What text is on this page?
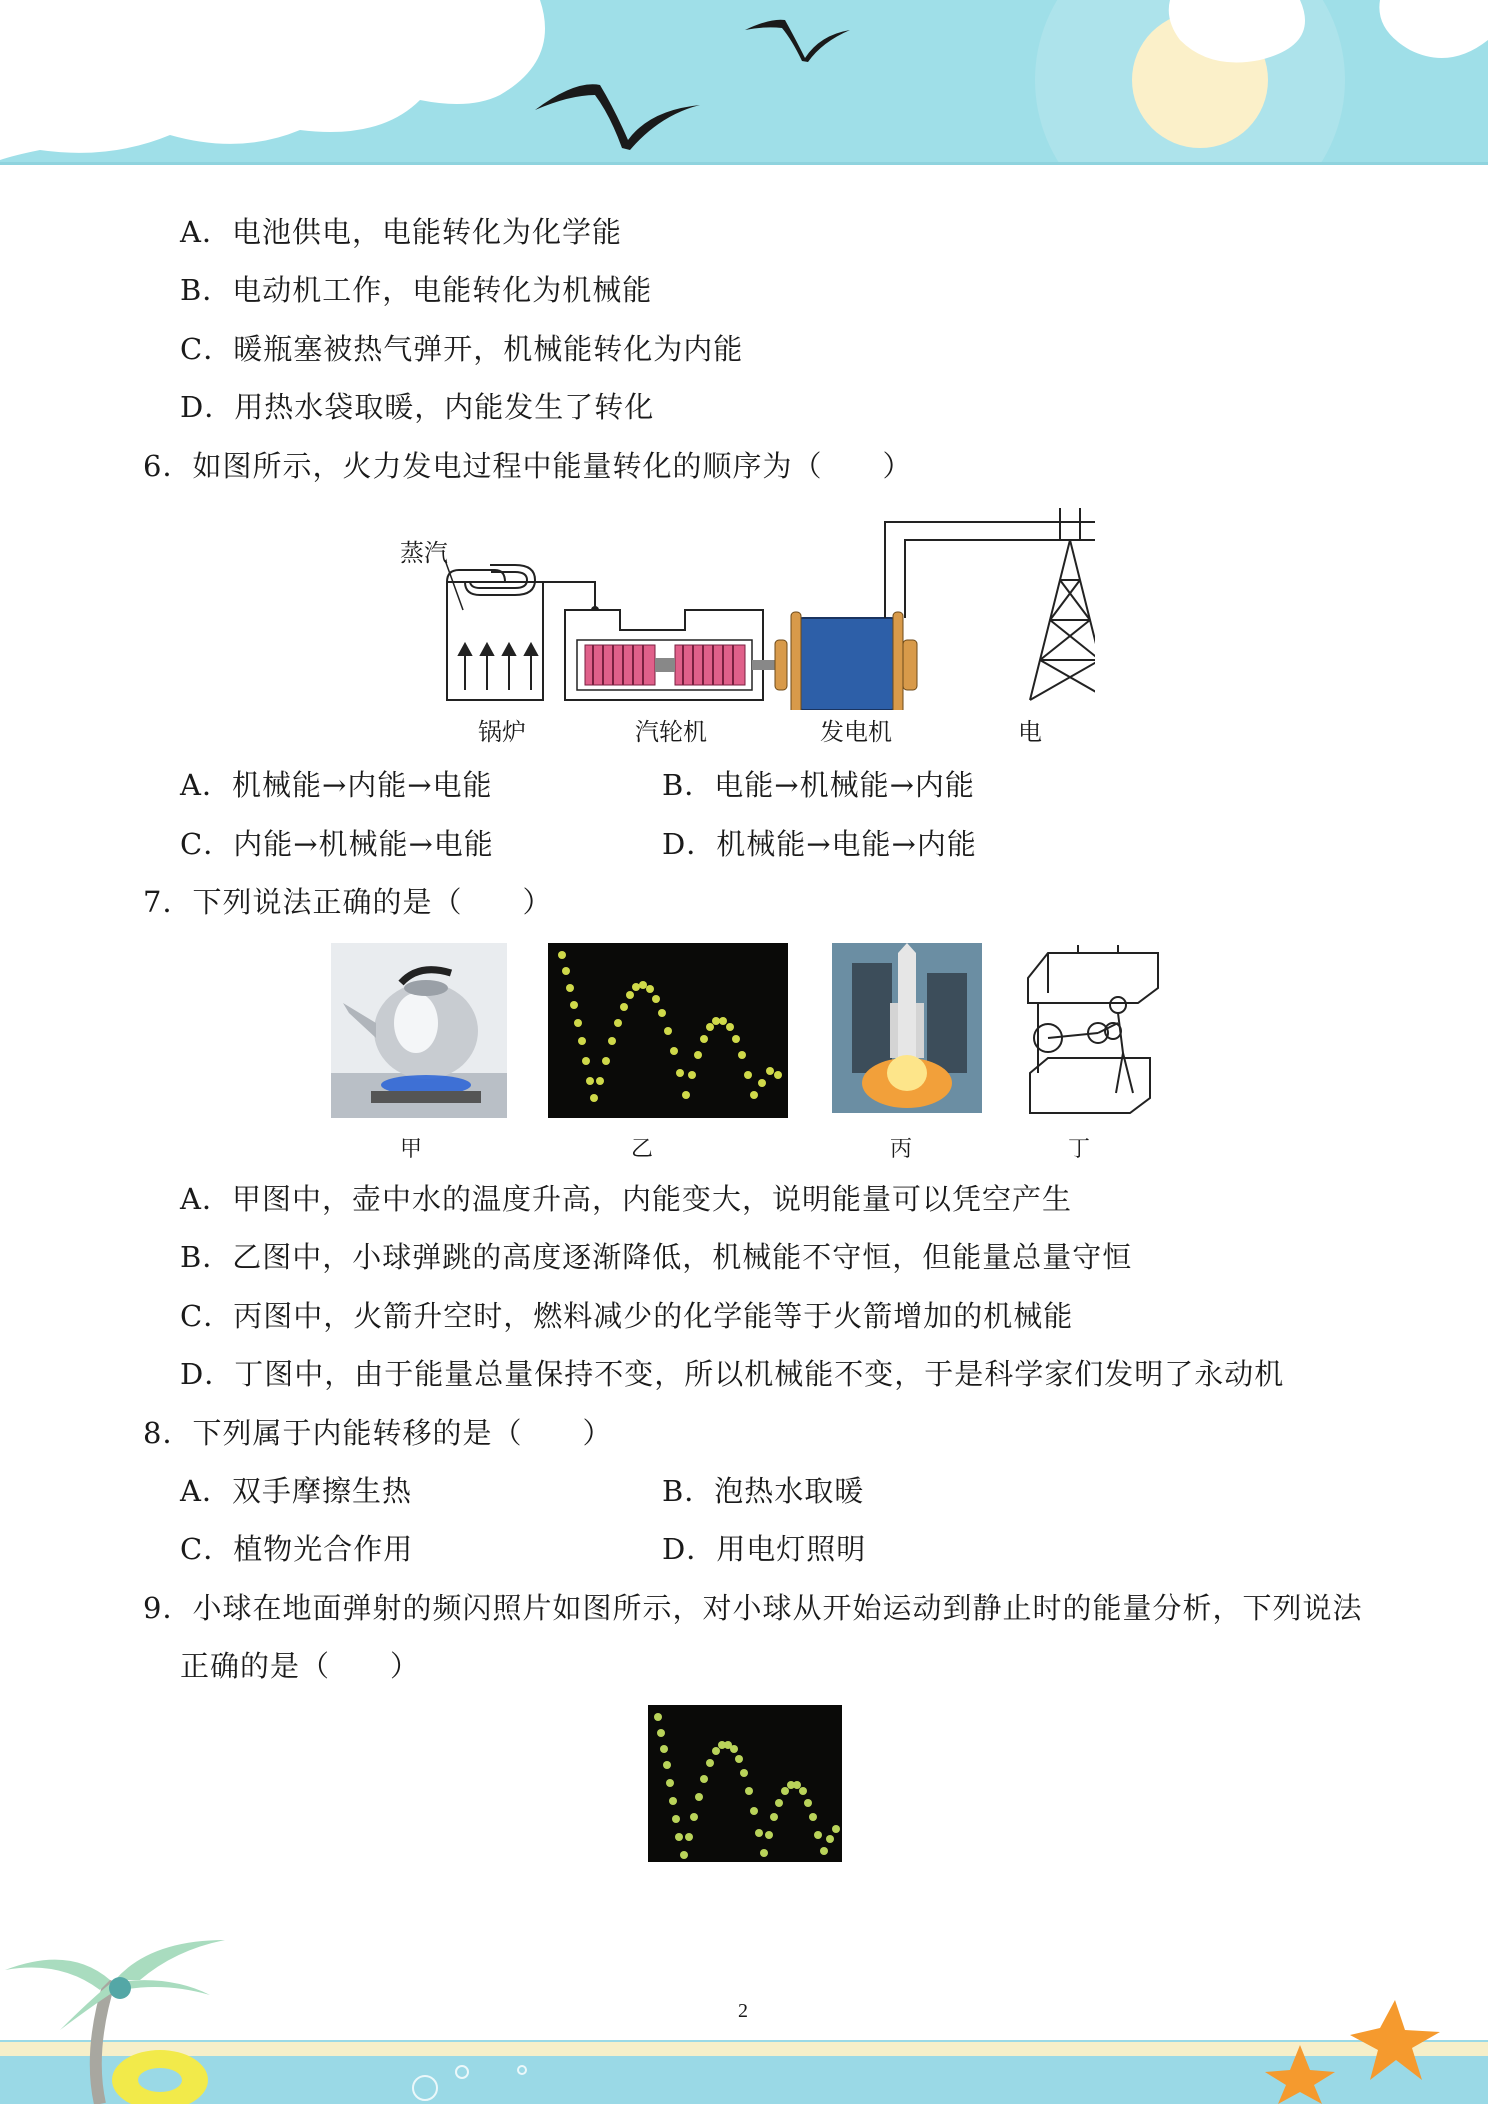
A．电池供电，电能转化为化学能
B．电动机工作，电能转化为机械能
C．暖瓶塞被热气弹开，机械能转化为内能
D．用热水袋取暖，内能发生了转化
6．如图所示，火力发电过程中能量转化的顺序为（　　）
蒸汽
锅炉	汽轮机	发电机	电
A．机械能→内能→电能	B．电能→机械能→内能
C．内能→机械能→电能	D．机械能→电能→内能
7．下列说法正确的是（　　）
甲	乙	丙	丁
A．甲图中，壶中水的温度升高，内能变大，说明能量可以凭空产生
B．乙图中，小球弹跳的高度逐渐降低，机械能不守恒，但能量总量守恒
C．丙图中，火箭升空时，燃料减少的化学能等于火箭增加的机械能
D．丁图中，由于能量总量保持不变，所以机械能不变，于是科学家们发明了永动机
8．下列属于内能转移的是（　　）
A．双手摩擦生热	B．泡热水取暖
C．植物光合作用	D．用电灯照明
9．小球在地面弹射的频闪照片如图所示，对小球从开始运动到静止时的能量分析，下列说法
正确的是（　　）
2
